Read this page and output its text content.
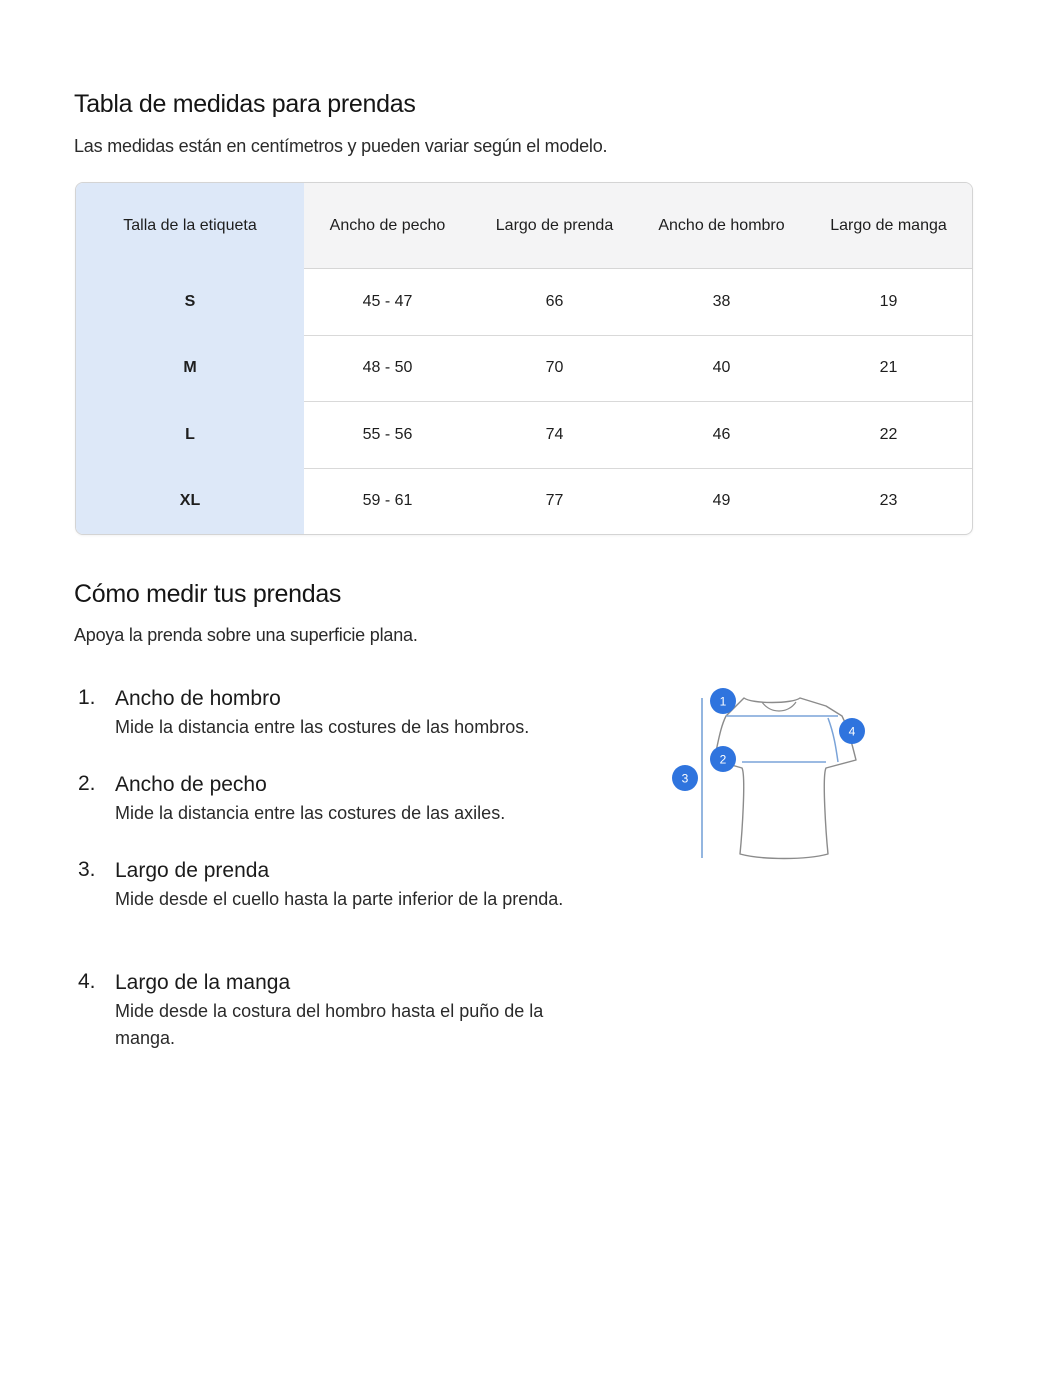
Tabla de medidas para prendas

Las medidas están en centímetros y pueden variar según el modelo.

Talla de la etiqueta	Ancho de pecho	Largo de prenda	Ancho de hombro	Largo de manga
S	45 - 47	66	38	19
M	48 - 50	70	40	21
L	55 - 56	74	46	22
XL	59 - 61	77	49	23
Cómo medir tus prendas

Apoya la prenda sobre una superficie plana.

1. Ancho de hombro
Mide la distancia entre las costures de las hombros.
2. Ancho de pecho
Mide la distancia entre las costures de las axiles.
3. Largo de prenda
Mide desde el cuello hasta la parte inferior de la prenda.
4. Largo de la manga
Mide desde la costura del hombro hasta el puño de la manga.
1
2
3
4
